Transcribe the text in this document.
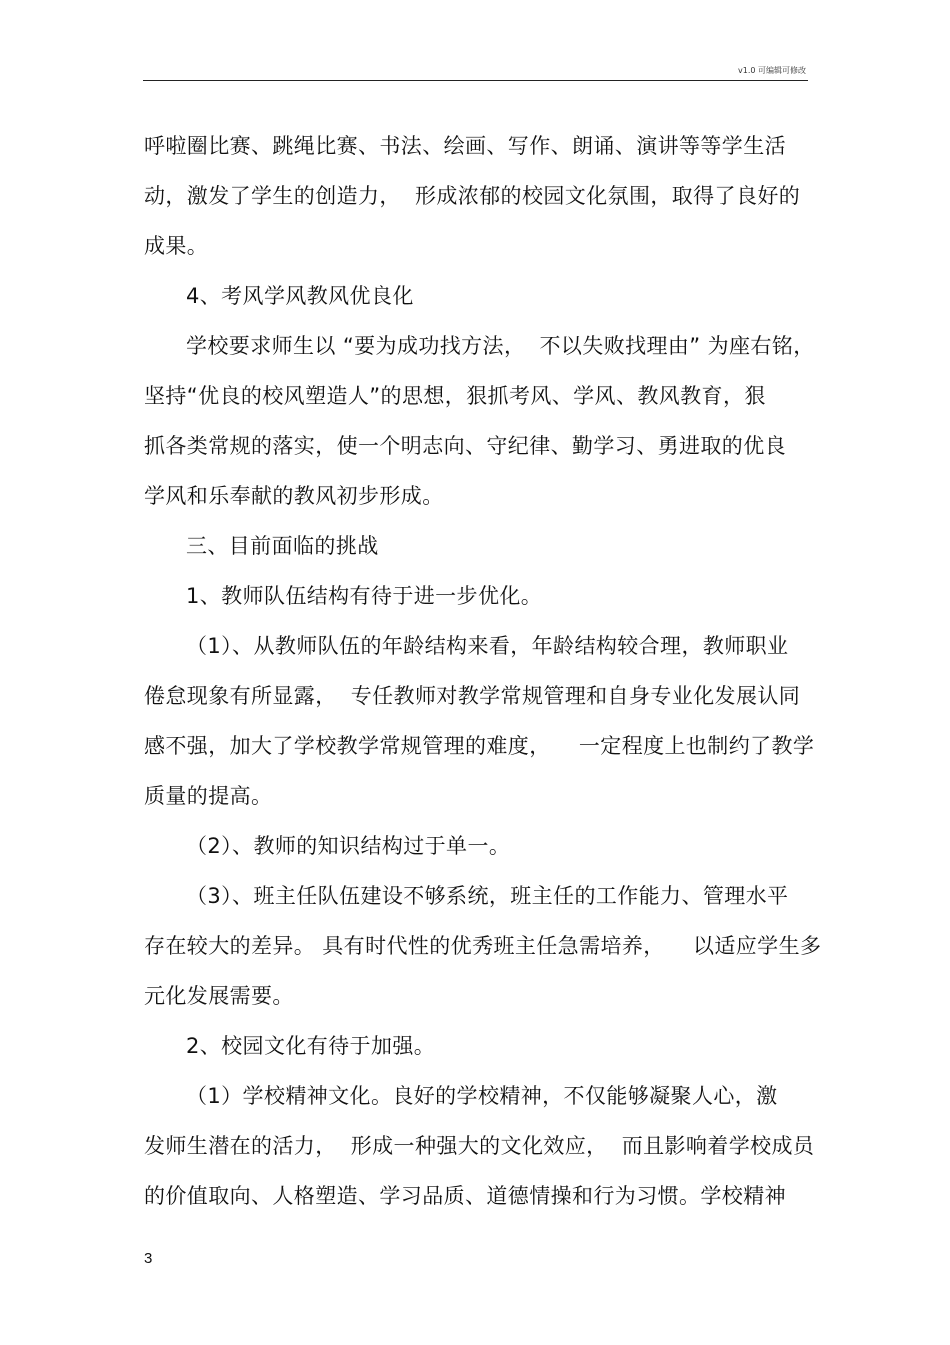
v1.0 可编辑可修改
呼啦圈比赛、跳绳比赛、书法、绘画、写作、朗诵、演讲等等学生活
动，激发了学生的创造力，  形成浓郁的校园文化氛围，取得了良好的
成果。
4、考风学风教风优良化
学校要求师生以 “要为成功找方法，  不以失败找理由” 为座右铭，
坚持“优良的校风塑造人”的思想，狠抓考风、学风、教风教育，狠
抓各类常规的落实，使一个明志向、守纪律、勤学习、勇进取的优良
学风和乐奉献的教风初步形成。
三、目前面临的挑战
1、教师队伍结构有待于进一步优化。
（1）、从教师队伍的年龄结构来看，年龄结构较合理，教师职业
倦怠现象有所显露，  专任教师对教学常规管理和自身专业化发展认同
感不强，加大了学校教学常规管理的难度，    一定程度上也制约了教学
质量的提高。
（2）、教师的知识结构过于单一。
（3）、班主任队伍建设不够系统，班主任的工作能力、管理水平
存在较大的差异。 具有时代性的优秀班主任急需培养，    以适应学生多
元化发展需要。
2、校园文化有待于加强。
（1）学校精神文化。良好的学校精神，不仅能够凝聚人心，激
发师生潜在的活力，  形成一种强大的文化效应，  而且影响着学校成员
的价值取向、人格塑造、学习品质、道德情操和行为习惯。学校精神
3
